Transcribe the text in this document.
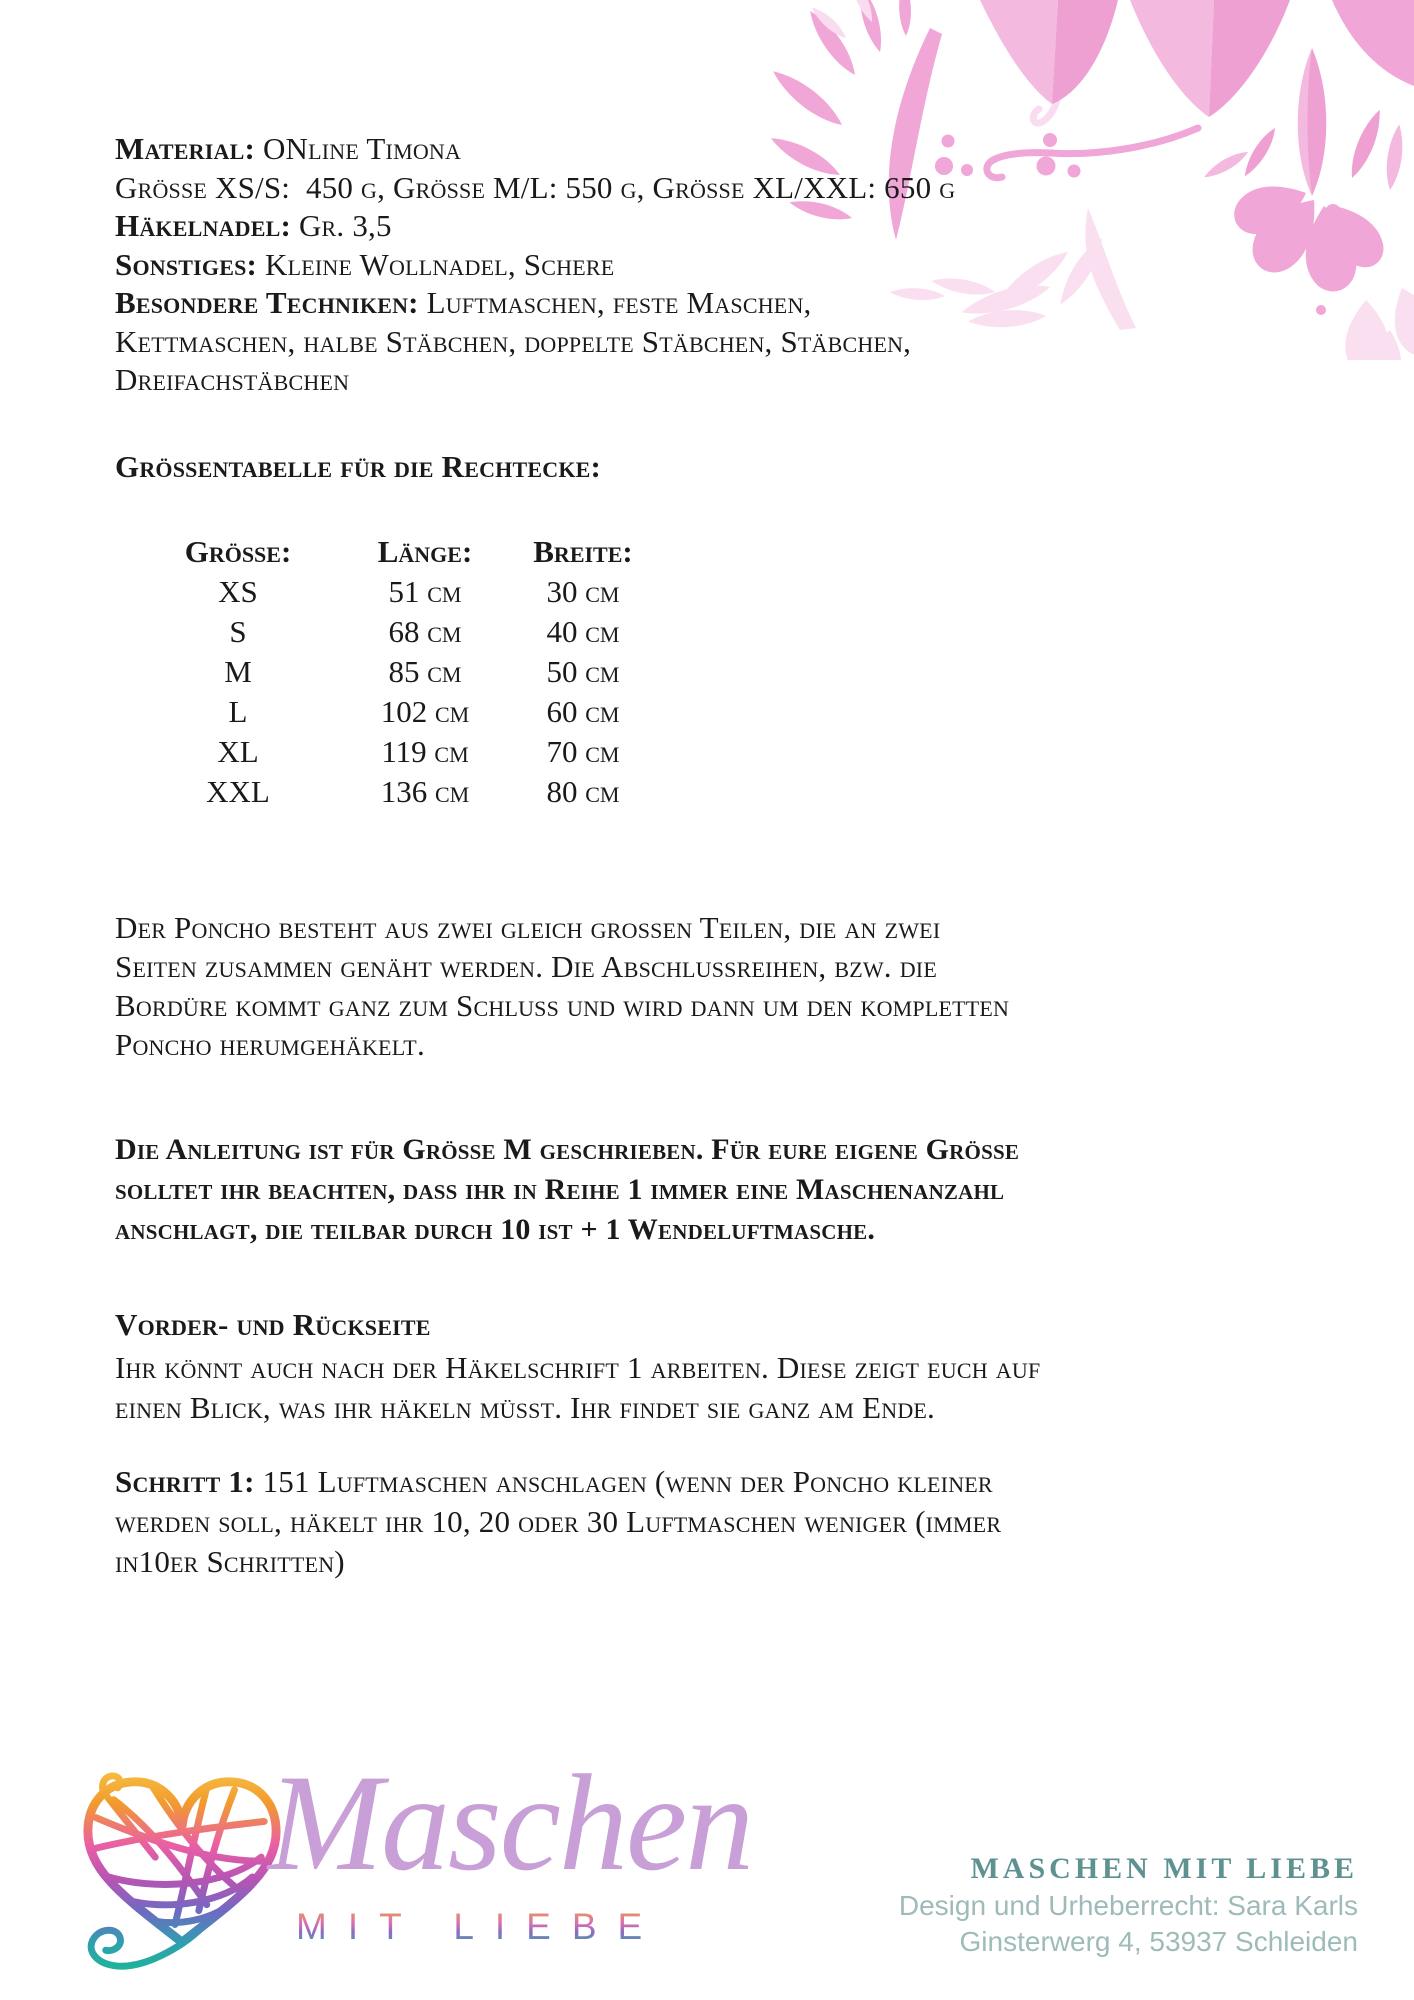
Material: ONline Timona
Grösse XS/S:  450 g, Grösse M/L: 550 g, Grösse XL/XXL: 650 g
Häkelnadel: Gr. 3,5
Sonstiges: Kleine Wollnadel, Schere
Besondere Techniken: Luftmaschen, feste Maschen,
Kettmaschen, halbe Stäbchen, doppelte Stäbchen, Stäbchen,
Dreifachstäbchen
Grössentabelle für die Rechtecke:
Grösse:	Länge:	Breite:
XS	51 cm	30 cm
S	68 cm	40 cm
M	85 cm	50 cm
L	102 cm	60 cm
XL	119 cm	70 cm
XXL	136 cm	80 cm
Der Poncho besteht aus zwei gleich grossen Teilen, die an zwei
Seiten zusammen genäht werden. Die Abschlussreihen, bzw. die
Bordüre kommt ganz zum Schluss und wird dann um den kompletten
Poncho herumgehäkelt.
Die Anleitung ist für Grösse M geschrieben. Für eure eigene Grösse
solltet ihr beachten, dass ihr in Reihe 1 immer eine Maschenanzahl
anschlagt, die teilbar durch 10 ist + 1 Wendeluftmasche.
Vorder- und Rückseite
Ihr könnt auch nach der Häkelschrift 1 arbeiten. Diese zeigt euch auf
einen Blick, was ihr häkeln müsst. Ihr findet sie ganz am Ende.
Schritt 1: 151 Luftmaschen anschlagen (wenn der Poncho kleiner
werden soll, häkelt ihr 10, 20 oder 30 Luftmaschen weniger (immer
in10er Schritten)
Maschen
MIT LIEBE
MASCHEN MIT LIEBE
Design und Urheberrecht: Sara Karls
Ginsterwerg 4, 53937 Schleiden
